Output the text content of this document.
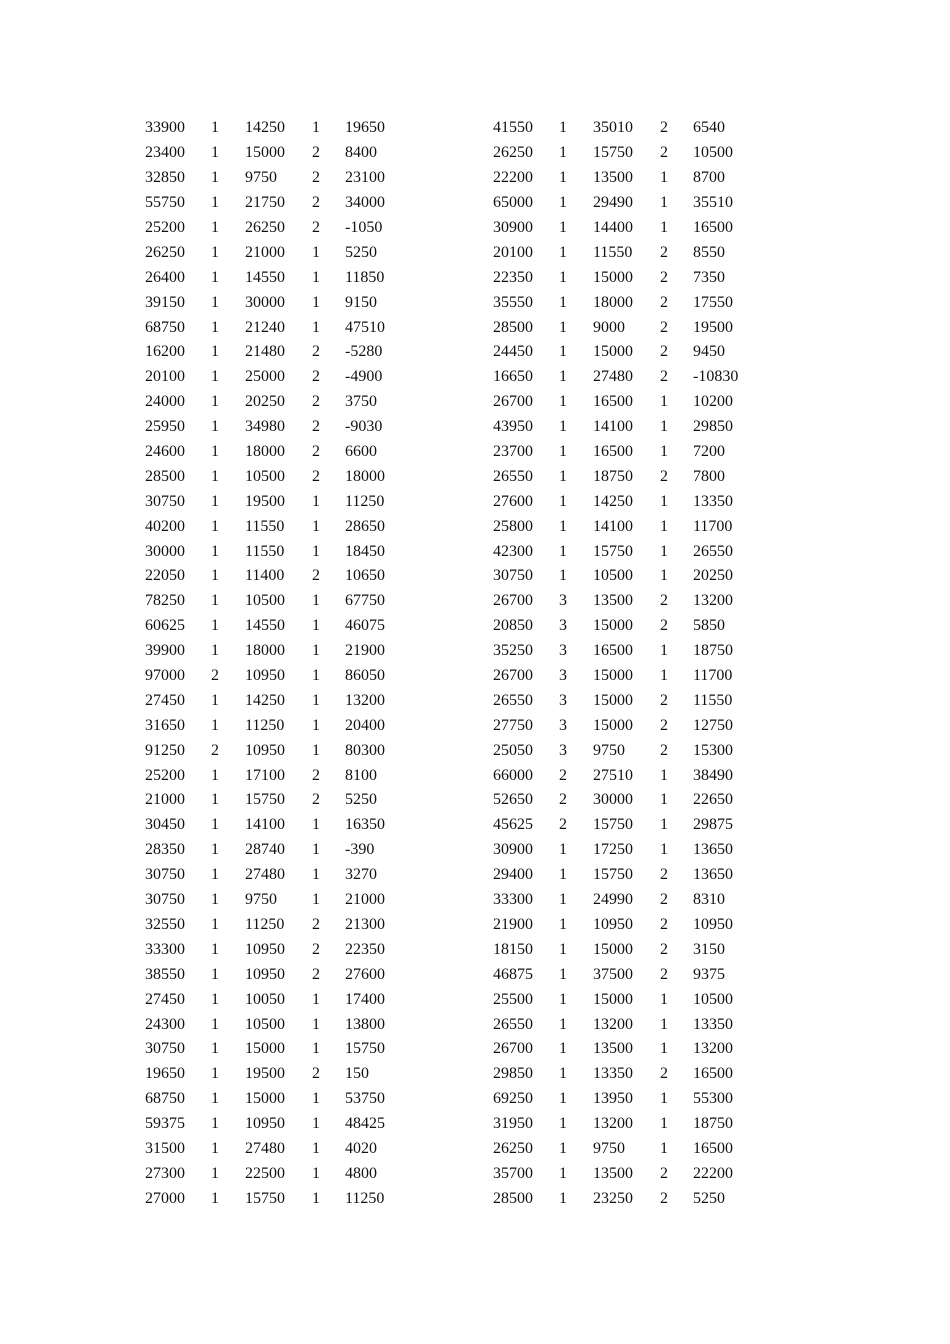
33900	1	14250	1	19650
23400	1	15000	2	8400
32850	1	9750	2	23100
55750	1	21750	2	34000
25200	1	26250	2	-1050
26250	1	21000	1	5250
26400	1	14550	1	11850
39150	1	30000	1	9150
68750	1	21240	1	47510
16200	1	21480	2	-5280
20100	1	25000	2	-4900
24000	1	20250	2	3750
25950	1	34980	2	-9030
24600	1	18000	2	6600
28500	1	10500	2	18000
30750	1	19500	1	11250
40200	1	11550	1	28650
30000	1	11550	1	18450
22050	1	11400	2	10650
78250	1	10500	1	67750
60625	1	14550	1	46075
39900	1	18000	1	21900
97000	2	10950	1	86050
27450	1	14250	1	13200
31650	1	11250	1	20400
91250	2	10950	1	80300
25200	1	17100	2	8100
21000	1	15750	2	5250
30450	1	14100	1	16350
28350	1	28740	1	-390
30750	1	27480	1	3270
30750	1	9750	1	21000
32550	1	11250	2	21300
33300	1	10950	2	22350
38550	1	10950	2	27600
27450	1	10050	1	17400
24300	1	10500	1	13800
30750	1	15000	1	15750
19650	1	19500	2	150
68750	1	15000	1	53750
59375	1	10950	1	48425
31500	1	27480	1	4020
27300	1	22500	1	4800
27000	1	15750	1	11250
41550	1	35010	2	6540
26250	1	15750	2	10500
22200	1	13500	1	8700
65000	1	29490	1	35510
30900	1	14400	1	16500
20100	1	11550	2	8550
22350	1	15000	2	7350
35550	1	18000	2	17550
28500	1	9000	2	19500
24450	1	15000	2	9450
16650	1	27480	2	-10830
26700	1	16500	1	10200
43950	1	14100	1	29850
23700	1	16500	1	7200
26550	1	18750	2	7800
27600	1	14250	1	13350
25800	1	14100	1	11700
42300	1	15750	1	26550
30750	1	10500	1	20250
26700	3	13500	2	13200
20850	3	15000	2	5850
35250	3	16500	1	18750
26700	3	15000	1	11700
26550	3	15000	2	11550
27750	3	15000	2	12750
25050	3	9750	2	15300
66000	2	27510	1	38490
52650	2	30000	1	22650
45625	2	15750	1	29875
30900	1	17250	1	13650
29400	1	15750	2	13650
33300	1	24990	2	8310
21900	1	10950	2	10950
18150	1	15000	2	3150
46875	1	37500	2	9375
25500	1	15000	1	10500
26550	1	13200	1	13350
26700	1	13500	1	13200
29850	1	13350	2	16500
69250	1	13950	1	55300
31950	1	13200	1	18750
26250	1	9750	1	16500
35700	1	13500	2	22200
28500	1	23250	2	5250
